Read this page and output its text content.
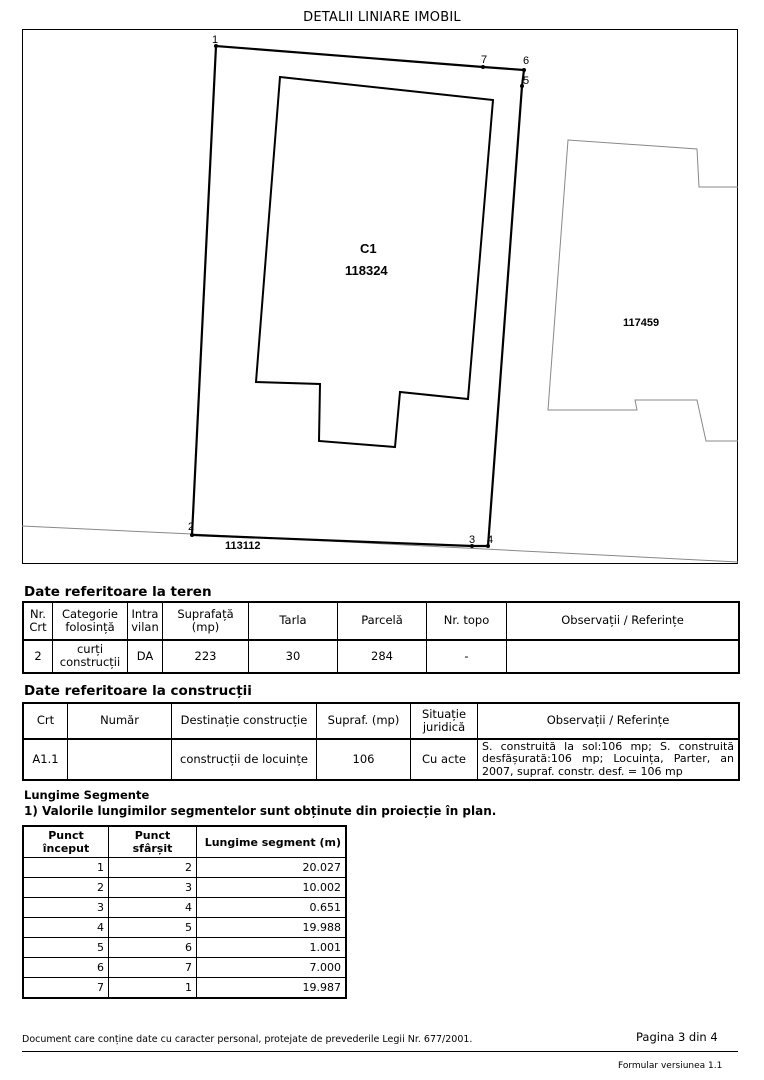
DETALII LINIARE IMOBIL
1
2
3 4
5
6
7
C1
118324
117459
113112
Date referitoare la teren
Nr. Crt	Categorie folosință	Intra vilan	Suprafață (mp)	Tarla	Parcelă	Nr. topo	Observații / Referințe
2	curți construcții	DA	223	30	284	-	
Date referitoare la construcții
Crt	Număr	Destinație construcție	Supraf. (mp)	Situație juridică	Observații / Referințe
A1.1		construcții de locuințe	106	Cu acte	S. construită la sol:106 mp; S. construită desfășurată:106 mp; Locuința, Parter, an 2007, supraf. constr. desf. = 106 mp
Lungime Segmente
1) Valorile lungimilor segmentelor sunt obținute din proiecție în plan.
Punct început	Punct sfârșit	Lungime segment (m)
1	2	20.027
2	3	10.002
3	4	0.651
4	5	19.988
5	6	1.001
6	7	7.000
7	1	19.987
Document care conține date cu caracter personal, protejate de prevederile Legii Nr. 677/2001.	Pagina 3 din 4
Formular versiunea 1.1
